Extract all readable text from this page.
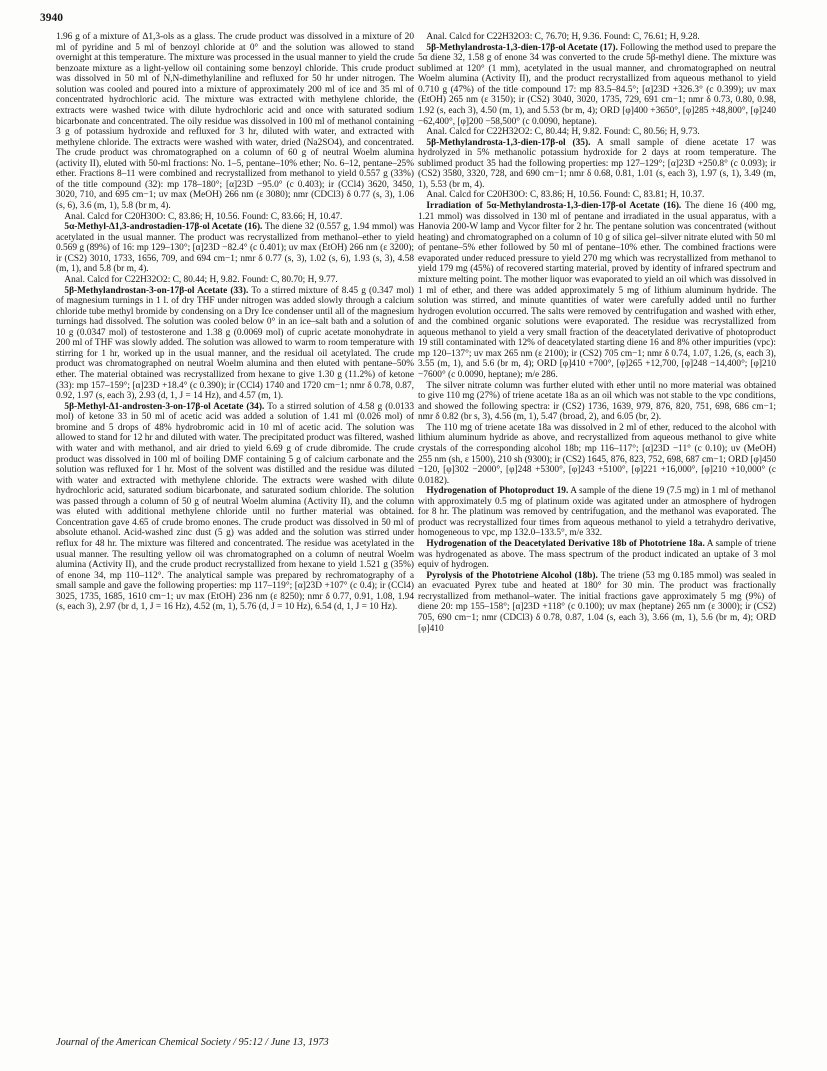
3940

1.96 g of a mixture of Δ1,3-ols as a glass. The crude product was dissolved in a mixture of 20 ml of pyridine and 5 ml of benzoyl chloride at 0° and the solution was allowed to stand overnight at this temperature. The mixture was processed in the usual manner to yield the crude benzoate mixture as a light-yellow oil containing some benzoyl chloride. This crude product was dissolved in 50 ml of N,N-dimethylaniline and refluxed for 50 hr under nitrogen. The solution was cooled and poured into a mixture of approximately 200 ml of ice and 35 ml of concentrated hydrochloric acid. The mixture was extracted with methylene chloride, the extracts were washed twice with dilute hydrochloric acid and once with saturated sodium bicarbonate and concentrated. The oily residue was dissolved in 100 ml of methanol containing 3 g of potassium hydroxide and refluxed for 3 hr, diluted with water, and extracted with methylene chloride. The extracts were washed with water, dried (Na2SO4), and concentrated. The crude product was chromatographed on a column of 60 g of neutral Woelm alumina (activity II), eluted with 50-ml fractions: No. 1–5, pentane–10% ether; No. 6–12, pentane–25% ether. Fractions 8–11 were combined and recrystallized from methanol to yield 0.557 g (33%) of the title compound (32): mp 178–180°; [α]23D −95.0° (c 0.403); ir (CCl4) 3620, 3450, 3020, 710, and 695 cm−1; uv max (MeOH) 266 nm (ε 3080); nmr (CDCl3) δ 0.77 (s, 3), 1.06 (s, 6), 3.6 (m, 1), 5.8 (br m, 4).

Anal. Calcd for C20H30O: C, 83.86; H, 10.56. Found: C, 83.66; H, 10.47.

5α-Methyl-Δ1,3-androstadien-17β-ol Acetate (16). The diene 32 (0.557 g, 1.94 mmol) was acetylated in the usual manner. The product was recrystallized from methanol–ether to yield 0.569 g (89%) of 16: mp 129–130°; [α]23D −82.4° (c 0.401); uv max (EtOH) 266 nm (ε 3200); ir (CS2) 3010, 1733, 1656, 709, and 694 cm−1; nmr δ 0.77 (s, 3), 1.02 (s, 6), 1.93 (s, 3), 4.58 (m, 1), and 5.8 (br m, 4).

Anal. Calcd for C22H32O2: C, 80.44; H, 9.82. Found: C, 80.70; H, 9.77.

5β-Methylandrostan-3-on-17β-ol Acetate (33). To a stirred mixture of 8.45 g (0.347 mol) of magnesium turnings in 1 l. of dry THF under nitrogen was added slowly through a calcium chloride tube methyl bromide by condensing on a Dry Ice condenser until all of the magnesium turnings had dissolved. The solution was cooled below 0° in an ice–salt bath and a solution of 10 g (0.0347 mol) of testosterone and 1.38 g (0.0069 mol) of cupric acetate monohydrate in 200 ml of THF was slowly added. The solution was allowed to warm to room temperature with stirring for 1 hr, worked up in the usual manner, and the residual oil acetylated. The crude product was chromatographed on neutral Woelm alumina and then eluted with pentane–50% ether. The material obtained was recrystallized from hexane to give 1.30 g (11.2%) of ketone (33): mp 157–159°; [α]23D +18.4° (c 0.390); ir (CCl4) 1740 and 1720 cm−1; nmr δ 0.78, 0.87, 0.92, 1.97 (s, each 3), 2.93 (d, 1, J = 14 Hz), and 4.57 (m, 1).

5β-Methyl-Δ1-androsten-3-on-17β-ol Acetate (34). To a stirred solution of 4.58 g (0.0133 mol) of ketone 33 in 50 ml of acetic acid was added a solution of 1.41 ml (0.026 mol) of bromine and 5 drops of 48% hydrobromic acid in 10 ml of acetic acid. The solution was allowed to stand for 12 hr and diluted with water. The precipitated product was filtered, washed with water and with methanol, and air dried to yield 6.69 g of crude dibromide. The crude product was dissolved in 100 ml of boiling DMF containing 5 g of calcium carbonate and the solution was refluxed for 1 hr. Most of the solvent was distilled and the residue was diluted with water and extracted with methylene chloride. The extracts were washed with dilute hydrochloric acid, saturated sodium bicarbonate, and saturated sodium chloride. The solution was passed through a column of 50 g of neutral Woelm alumina (Activity II), and the column was eluted with additional methylene chloride until no further material was obtained. Concentration gave 4.65 of crude bromo enones. The crude product was dissolved in 50 ml of absolute ethanol. Acid-washed zinc dust (5 g) was added and the solution was stirred under reflux for 48 hr. The mixture was filtered and concentrated. The residue was acetylated in the usual manner. The resulting yellow oil was chromatographed on a column of neutral Woelm alumina (Activity II), and the crude product recrystallized from hexane to yield 1.521 g (35%) of enone 34, mp 110–112°. The analytical sample was prepared by rechromatography of a small sample and gave the following properties: mp 117–119°; [α]23D +107° (c 0.4); ir (CCl4) 3025, 1735, 1685, 1610 cm−1; uv max (EtOH) 236 nm (ε 8250); nmr δ 0.77, 0.91, 1.08, 1.94 (s, each 3), 2.97 (br d, 1, J = 16 Hz), 4.52 (m, 1), 5.76 (d, J = 10 Hz), 6.54 (d, 1, J = 10 Hz).

Anal. Calcd for C22H32O3: C, 76.70; H, 9.36. Found: C, 76.61; H, 9.28.

5β-Methylandrosta-1,3-dien-17β-ol Acetate (17). Following the method used to prepare the 5α diene 32, 1.58 g of enone 34 was converted to the crude 5β-methyl diene. The mixture was sublimed at 120° (1 mm), acetylated in the usual manner, and chromatographed on neutral Woelm alumina (Activity II), and the product recrystallized from aqueous methanol to yield 0.710 g (47%) of the title compound 17: mp 83.5–84.5°; [α]23D +326.3° (c 0.399); uv max (EtOH) 265 nm (ε 3150); ir (CS2) 3040, 3020, 1735, 729, 691 cm−1; nmr δ 0.73, 0.80, 0.98, 1.92 (s, each 3), 4.50 (m, 1), and 5.53 (br m, 4); ORD [φ]400 +3650°, [φ]285 +48,800°, [φ]240 −62,400°, [φ]200 −58,500° (c 0.0090, heptane).

Anal. Calcd for C22H32O2: C, 80.44; H, 9.82. Found: C, 80.56; H, 9.73.

5β-Methylandrosta-1,3-dien-17β-ol (35). A small sample of diene acetate 17 was hydrolyzed in 5% methanolic potassium hydroxide for 2 days at room temperature. The sublimed product 35 had the following properties: mp 127–129°; [α]23D +250.8° (c 0.093); ir (CS2) 3580, 3320, 728, and 690 cm−1; nmr δ 0.68, 0.81, 1.01 (s, each 3), 1.97 (s, 1), 3.49 (m, 1), 5.53 (br m, 4).

Anal. Calcd for C20H30O: C, 83.86; H, 10.56. Found: C, 83.81; H, 10.37.

Irradiation of 5α-Methylandrosta-1,3-dien-17β-ol Acetate (16). The diene 16 (400 mg, 1.21 mmol) was dissolved in 130 ml of pentane and irradiated in the usual apparatus, with a Hanovia 200-W lamp and Vycor filter for 2 hr. The pentane solution was concentrated (without heating) and chromatographed on a column of 10 g of silica gel–silver nitrate eluted with 50 ml of pentane–5% ether followed by 50 ml of pentane–10% ether. The combined fractions were evaporated under reduced pressure to yield 270 mg which was recrystallized from methanol to yield 179 mg (45%) of recovered starting material, proved by identity of infrared spectrum and mixture melting point. The mother liquor was evaporated to yield an oil which was dissolved in 1 ml of ether, and there was added approximately 5 mg of lithium aluminum hydride. The solution was stirred, and minute quantities of water were carefully added until no further hydrogen evolution occurred. The salts were removed by centrifugation and washed with ether, and the combined organic solutions were evaporated. The residue was recrystallized from aqueous methanol to yield a very small fraction of the deacetylated derivative of photoproduct 19 still contaminated with 12% of deacetylated starting diene 16 and 8% other impurities (vpc): mp 120–137°; uv max 265 nm (ε 2100); ir (CS2) 705 cm−1; nmr δ 0.74, 1.07, 1.26, (s, each 3), 3.55 (m, 1), and 5.6 (br m, 4); ORD [φ]410 +700°, [φ]265 +12,700, [φ]248 −14,400°; [φ]210 −7600° (c 0.0090, heptane); m/e 286.

The silver nitrate column was further eluted with ether until no more material was obtained to give 110 mg (27%) of triene acetate 18a as an oil which was not stable to the vpc conditions, and showed the following spectra: ir (CS2) 1736, 1639, 979, 876, 820, 751, 698, 686 cm−1; nmr δ 0.82 (br s, 3), 4.56 (m, 1), 5.47 (broad, 2), and 6.05 (br, 2).

The 110 mg of triene acetate 18a was dissolved in 2 ml of ether, reduced to the alcohol with lithium aluminum hydride as above, and recrystallized from aqueous methanol to give white crystals of the corresponding alcohol 18b; mp 116–117°; [α]23D −11° (c 0.10); uv (MeOH) 255 nm (sh, ε 1500), 210 sh (9300); ir (CS2) 1645, 876, 823, 752, 698, 687 cm−1; ORD [φ]450 −120, [φ]302 −2000°, [φ]248 +5300°, [φ]243 +5100°, [φ]221 +16,000°, [φ]210 +10,000° (c 0.0182).

Hydrogenation of Photoproduct 19. A sample of the diene 19 (7.5 mg) in 1 ml of methanol with approximately 0.5 mg of platinum oxide was agitated under an atmosphere of hydrogen for 8 hr. The platinum was removed by centrifugation, and the methanol was evaporated. The product was recrystallized four times from aqueous methanol to yield a tetrahydro derivative, homogeneous to vpc, mp 132.0–133.5°, m/e 332.

Hydrogenation of the Deacetylated Derivative 18b of Phototriene 18a. A sample of triene was hydrogenated as above. The mass spectrum of the product indicated an uptake of 3 mol equiv of hydrogen.

Pyrolysis of the Phototriene Alcohol (18b). The triene (53 mg 0.185 mmol) was sealed in an evacuated Pyrex tube and heated at 180° for 30 min. The product was fractionally recrystallized from methanol–water. The initial fractions gave approximately 5 mg (9%) of diene 20: mp 155–158°; [α]23D +118° (c 0.100); uv max (heptane) 265 nm (ε 3000); ir (CS2) 705, 690 cm−1; nmr (CDCl3) δ 0.78, 0.87, 1.04 (s, each 3), 3.66 (m, 1), 5.6 (br m, 4); ORD [φ]410

Journal of the American Chemical Society / 95:12 / June 13, 1973
